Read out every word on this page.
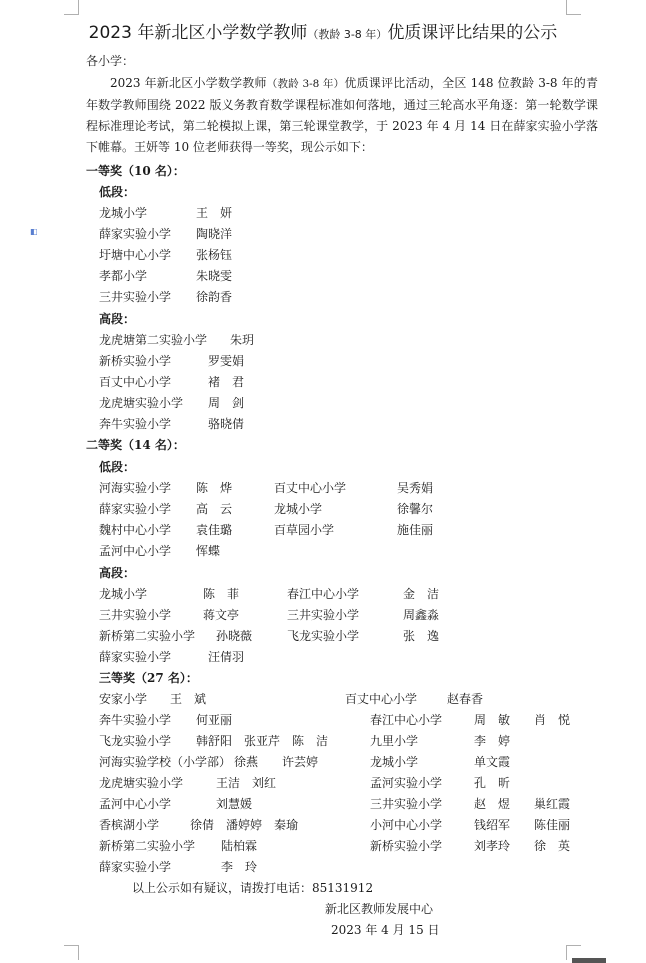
◧
2023 年新北区小学数学教师（教龄 3-8 年）优质课评比结果的公示
各小学：
2023 年新北区小学数学教师（教龄 3-8 年）优质课评比活动，全区 148 位教龄 3-8 年的青年数学教师围绕 2022 版义务教育数学课程标准如何落地，通过三轮高水平角逐：第一轮数学课程标准理论考试，第二轮模拟上课，第三轮课堂教学，于 2023 年 4 月 14 日在薛家实验小学落下帷幕。王妍等 10 位老师获得一等奖，现公示如下：
一等奖（10 名）：
低段：
龙城小学	王　妍
薛家实验小学 陶晓洋
圩塘中心小学 张杨钰
孝都小学	朱晓雯
三井实验小学 徐韵香
高段：
龙虎塘第二实验小学 朱玥
新桥实验小学	罗雯娟
百丈中心小学	褚　君
龙虎塘实验小学 周　剑
奔牛实验小学	骆晓倩
二等奖（14 名）：
低段：
河海实验小学 陈　烨	百丈中心小学	吴秀娟
薛家实验小学 高　云	龙城小学	徐馨尔
魏村中心小学 袁佳璐	百草园小学	施佳丽
孟河中心小学 恽蝶
高段：
龙城小学	陈　菲	春江中心小学	金　洁
三井实验小学	蒋文亭	三井实验小学	周鑫淼
新桥第二实验小学 孙晓薇	飞龙实验小学	张　逸
薛家实验小学	汪倩羽
三等奖（27 名）：
安家小学 王　斌	百丈中心小学 赵春香
奔牛实验小学 何亚丽	春江中心小学	周　敏　　肖　悦
飞龙实验小学 韩舒阳　张亚芹　陈　洁	九里小学	李　婷
河海实验学校（小学部） 徐燕　　许芸婷	龙城小学	单文霞
龙虎塘实验小学	王洁　刘红	孟河实验小学	孔　昕
孟河中心小学	刘慧媛	三井实验小学	赵　煜　　巢红霞
香槟湖小学	徐倩　潘婷婷　秦瑜	小河中心小学	钱绍军　　陈佳丽
新桥第二实验小学 陆柏霖	新桥实验小学	刘孝玲　　徐　英
薛家实验小学	李　玲
以上公示如有疑议，请拨打电话：85131912
新北区教师发展中心
2023 年 4 月 15 日
